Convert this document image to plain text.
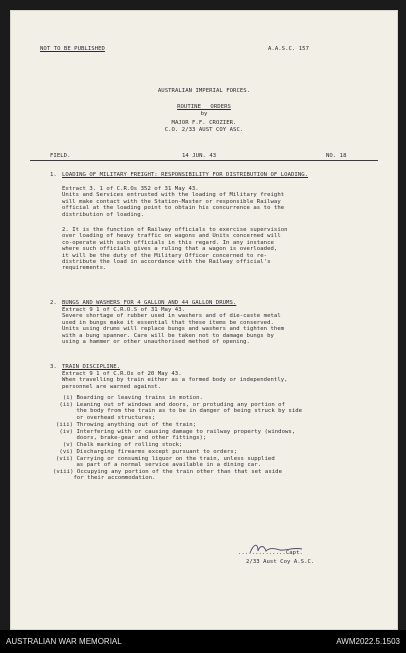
NOT TO BE PUBLISHED	A.A.S.C. 157
AUSTRALIAN IMPERIAL FORCES.
ROUTINE ORDERS
by
MAJOR F.F. CROZIER.
C.O. 2/33 AUST COY ASC.
FIELD.	14 JUN. 43	NO. 18
1. LOADING OF MILITARY FREIGHT: RESPONSIBILITY FOR DISTRIBUTION OF LOADING.
Extract 3. 1 of C.R.Os 352 of 31 May 43.
Units and Services entrusted with the loading of Military freight
will make contact with the Station-Master or responsible Railway
official at the loading point to obtain his concurrence as to the
distribution of loading.
2. It is the function of Railway officials to exercise supervision
over loading of heavy traffic on wagons and Units concerned will
co-operate with such officials in this regard. In any instance
where such officials gives a ruling that a wagon is overloaded,
it will be the duty of the Military Officer concerned to re-
distribute the load in accordance with the Railway official's
requirements.
2. BUNGS AND WASHERS FOR 4 GALLON AND 44 GALLON DRUMS.
Extract 9 1 of C.R.O.S of 31 May 43.
Severe shortage of rubber used in washers and of die-caste metal
used in bungs make it essential that these items be conserved.
Units using drums will replace bungs and washers and tighten them
with a bung spanner. Care will be taken not to damage bungs by
using a hammer or other unauthorised method of opening.
3. TRAIN DISCIPLINE.
Extract 9 1 of C.R.Os of 20 May 43.
When travelling by train either as a formed body or independently,
personnel are warned against.
(i) Boarding or leaving trains in motion.
(ii) Leaning out of windows and doors, or protuding any portion of
the body from the train as to be in danger of being struck by side
or overhead structures;
(iii) Throwing anything out of the train;
(iv) Interfering with or causing damage to railway property (windows,
doors, brake-gear and other fittings);
(v) Chalk marking of rolling stock;
(vi) Discharging firearms except pursuant to orders;
(vii) Carrying or consuming liquor on the train, unless supplied
as part of a normal service available in a dining car.
(viii) Occupying any portion of the train other than that set aside
for their accommodation.
..............Capt.
2/33 Aust Coy A.S.C.
AUSTRALIAN WAR MEMORIAL	AWM2022.5.1503
